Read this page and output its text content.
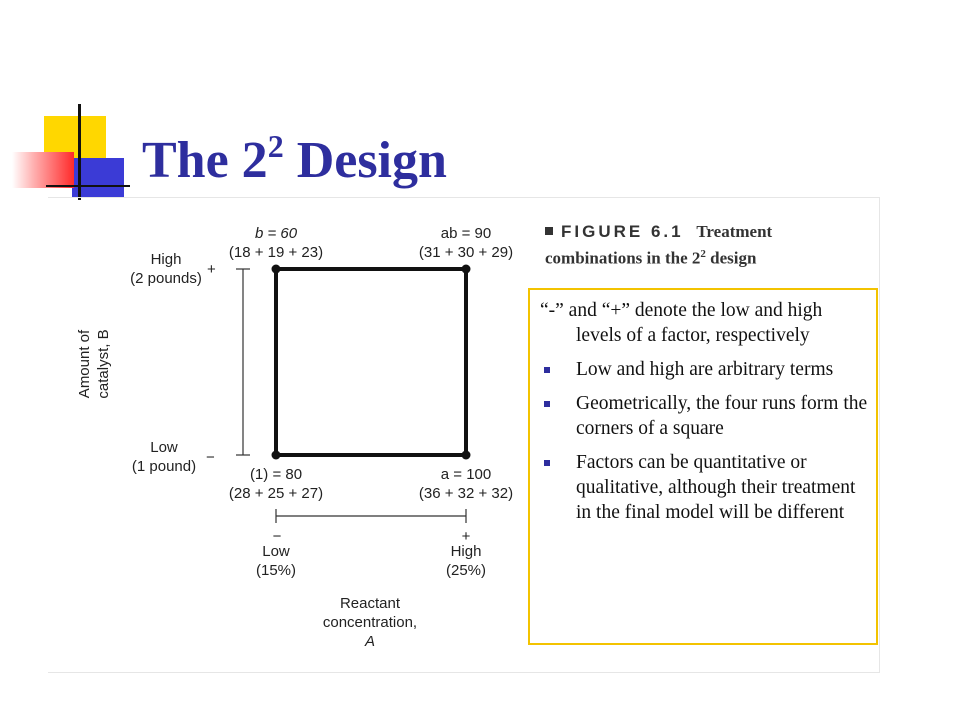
The $2^2$ Design
b = 60
(18 + 19 + 23)
ab = 90
(31 + 30 + 29)
(1) = 80
(28 + 25 + 27)
a = 100
(36 + 32 + 32)
High
(2 pounds)
+
Low
(1 pound)
−
Amount of catalyst, B
−	+
Low
(15%)
High
(25%)
Reactant
concentration,
A
FIGURE 6.1 Treatment
combinations in the $2^2$ design
“-” and “+” denote the low and high levels of a factor, respectively
Low and high are arbitrary terms
Geometrically, the four runs form the corners of a square
Factors can be quantitative or qualitative, although their treatment in the final model will be different
